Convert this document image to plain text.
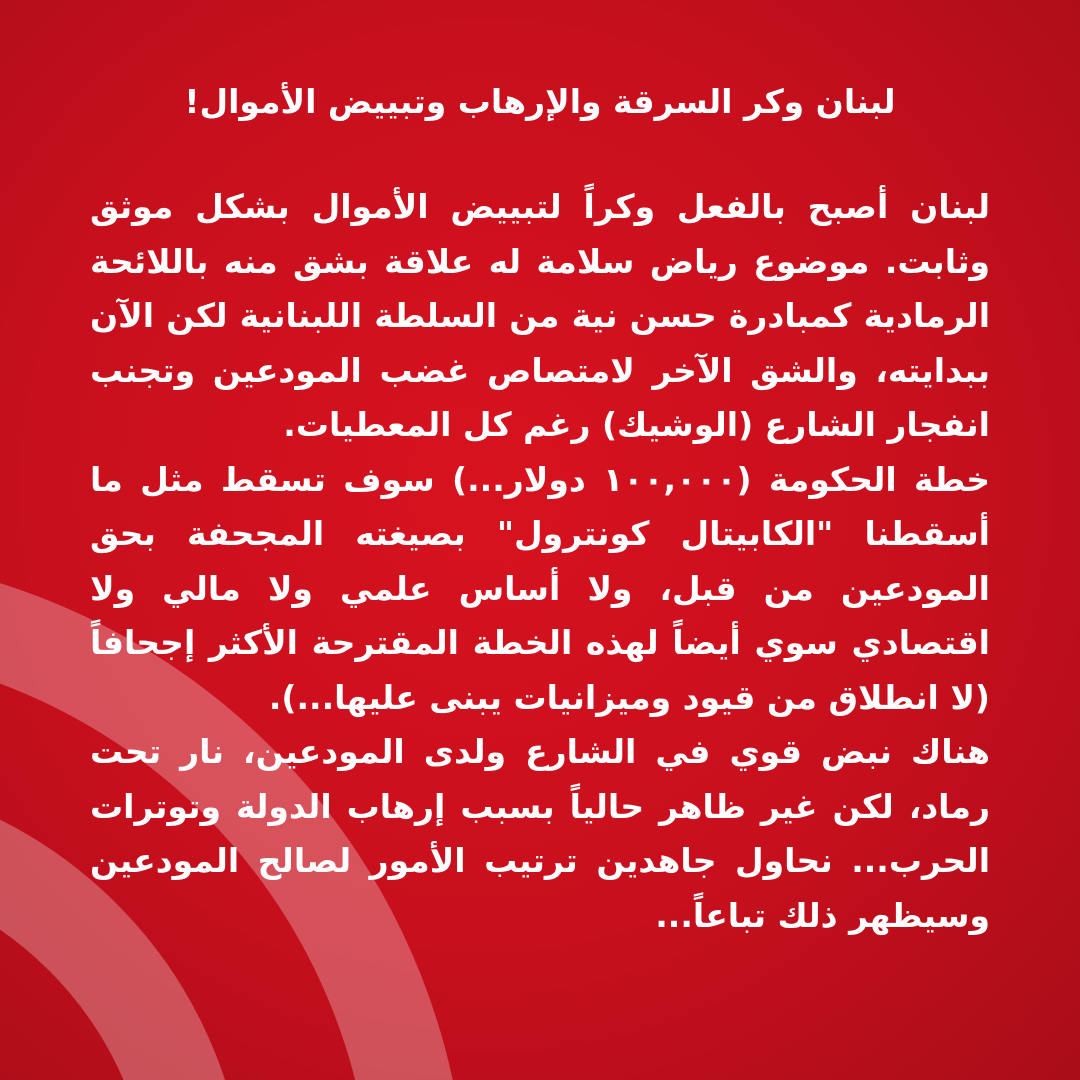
لبنان وكر السرقة والإرهاب وتبييض الأموال!

لبنان أصبح بالفعل وكراً لتبييض الأموال بشكل موثق وثابت. موضوع رياض سلامة له علاقة بشق منه باللائحة الرمادية كمبادرة حسن نية من السلطة اللبنانية لكن الآن ببدايته، والشق الآخر لامتصاص غضب المودعين وتجنب انفجار الشارع (الوشيك) رغم كل المعطيات.

خطة الحكومة (١٠٠,٠٠٠ دولار...) سوف تسقط مثل ما أسقطنا "الكابيتال كونترول" بصيغته المجحفة بحق المودعين من قبل، ولا أساس علمي ولا مالي ولا اقتصادي سوي أيضاً لهذه الخطة المقترحة الأكثر إجحافاً (لا انطلاق من قيود وميزانيات يبنى عليها...).

هناك نبض قوي في الشارع ولدى المودعين، نار تحت رماد، لكن غير ظاهر حالياً بسبب إرهاب الدولة وتوترات الحرب... نحاول جاهدين ترتيب الأمور لصالح المودعين وسيظهر ذلك تباعاً...
